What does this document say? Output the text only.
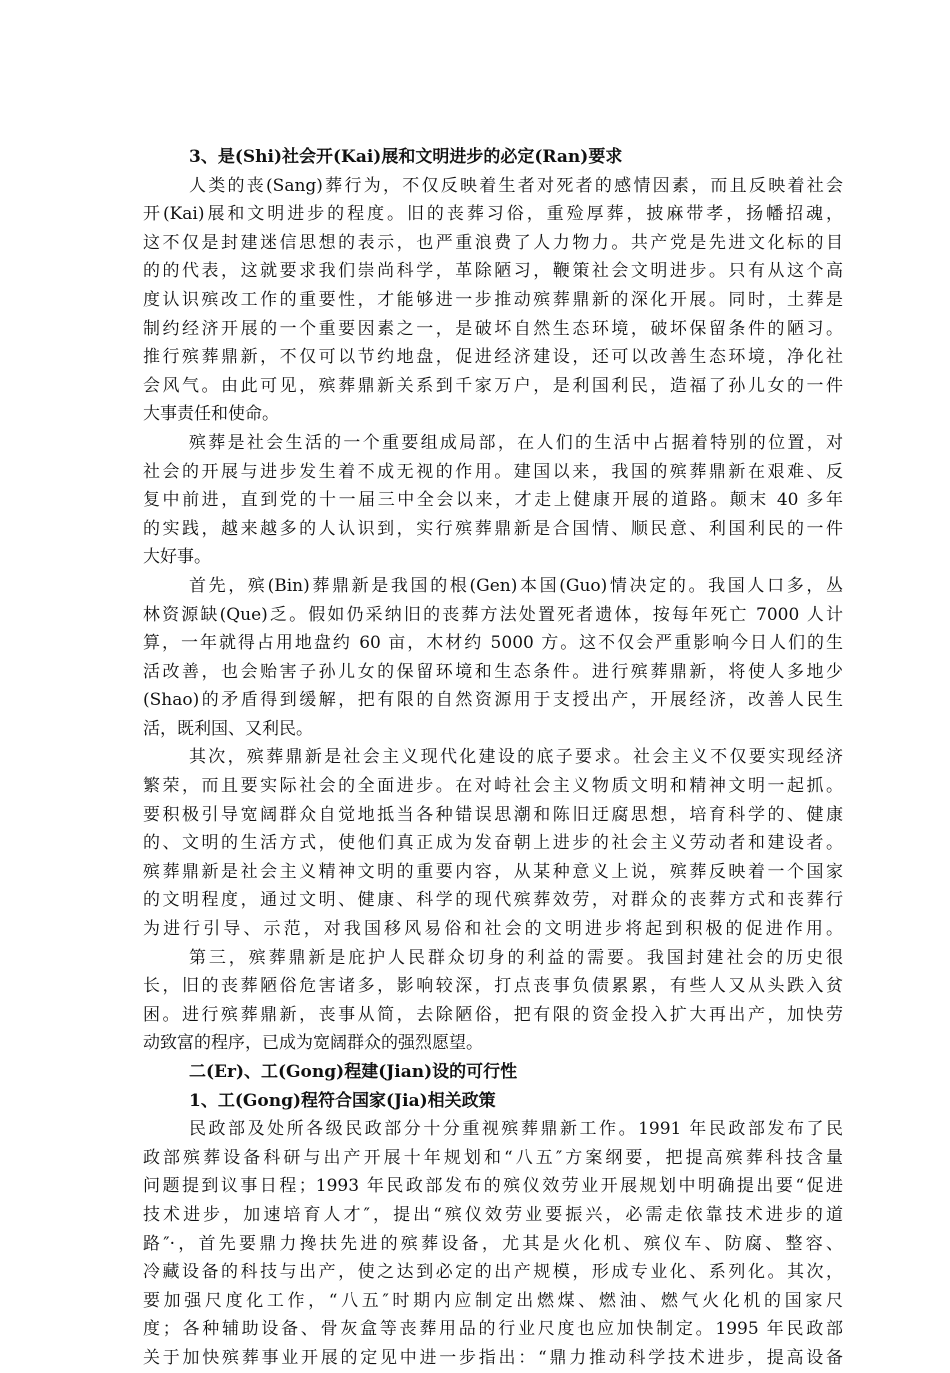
3、是(Shi)社会开(Kai)展和文明进步的必定(Ran)要求
人类的丧(Sang)葬行为，不仅反映着生者对死者的感情因素，而且反映着社会
开(Kai)展和文明进步的程度。旧的丧葬习俗，重殓厚葬，披麻带孝，扬幡招魂，
这不仅是封建迷信思想的表示，也严重浪费了人力物力。共产党是先进文化标的目
的的代表，这就要求我们崇尚科学，革除陋习，鞭策社会文明进步。只有从这个高
度认识殡改工作的重要性，才能够进一步推动殡葬鼎新的深化开展。同时，土葬是
制约经济开展的一个重要因素之一，是破坏自然生态环境，破坏保留条件的陋习。
推行殡葬鼎新，不仅可以节约地盘，促进经济建设，还可以改善生态环境，净化社
会风气。由此可见，殡葬鼎新关系到千家万户，是利国利民，造福了孙儿女的一件
大事责任和使命。
殡葬是社会生活的一个重要组成局部，在人们的生活中占据着特别的位置，对
社会的开展与进步发生着不成无视的作用。建国以来，我国的殡葬鼎新在艰难、反
复中前进，直到党的十一届三中全会以来，才走上健康开展的道路。颠末 40 多年
的实践，越来越多的人认识到，实行殡葬鼎新是合国情、顺民意、利国利民的一件
大好事。
首先，殡(Bin)葬鼎新是我国的根(Gen)本国(Guo)情决定的。我国人口多，丛
林资源缺(Que)乏。假如仍采纳旧的丧葬方法处置死者遗体，按每年死亡 7000 人计
算，一年就得占用地盘约 60 亩，木材约 5000 方。这不仅会严重影响今日人们的生
活改善，也会贻害子孙儿女的保留环境和生态条件。进行殡葬鼎新，将使人多地少
(Shao)的矛盾得到缓解，把有限的自然资源用于支授出产，开展经济，改善人民生
活，既利国、又利民。
其次，殡葬鼎新是社会主义现代化建设的底子要求。社会主义不仅要实现经济
繁荣，而且要实际社会的全面进步。在对峙社会主义物质文明和精神文明一起抓。
要积极引导宽阔群众自觉地抵当各种错误思潮和陈旧迂腐思想，培育科学的、健康
的、文明的生活方式，使他们真正成为发奋朝上进步的社会主义劳动者和建设者。
殡葬鼎新是社会主义精神文明的重要内容，从某种意义上说，殡葬反映着一个国家
的文明程度，通过文明、健康、科学的现代殡葬效劳，对群众的丧葬方式和丧葬行
为进行引导、示范，对我国移风易俗和社会的文明进步将起到积极的促进作用。
第三，殡葬鼎新是庇护人民群众切身的利益的需要。我国封建社会的历史很
长，旧的丧葬陋俗危害诸多，影响较深，打点丧事负债累累，有些人又从头跌入贫
困。进行殡葬鼎新，丧事从简，去除陋俗，把有限的资金投入扩大再出产，加快劳
动致富的程序，已成为宽阔群众的强烈愿望。
二(Er)、工(Gong)程建(Jian)设的可行性
1、工(Gong)程符合国家(Jia)相关政策
民政部及处所各级民政部分十分重视殡葬鼎新工作。1991 年民政部发布了民
政部殡葬设备科研与出产开展十年规划和“八五″方案纲要，把提高殡葬科技含量
问题提到议事日程；1993 年民政部发布的殡仪效劳业开展规划中明确提出要“促进
技术进步，加速培育人才″，提出“殡仪效劳业要振兴，必需走依靠技术进步的道
路″·，首先要鼎力搀扶先进的殡葬设备，尤其是火化机、殡仪车、防腐、整容、
冷藏设备的科技与出产，使之达到必定的出产规模，形成专业化、系列化。其次，
要加强尺度化工作，“八五″时期内应制定出燃煤、燃油、燃气火化机的国家尺
度；各种辅助设备、骨灰盒等丧葬用品的行业尺度也应加快制定。1995 年民政部
关于加快殡葬事业开展的定见中进一步指出：“鼎力推动科学技术进步，提高设备
